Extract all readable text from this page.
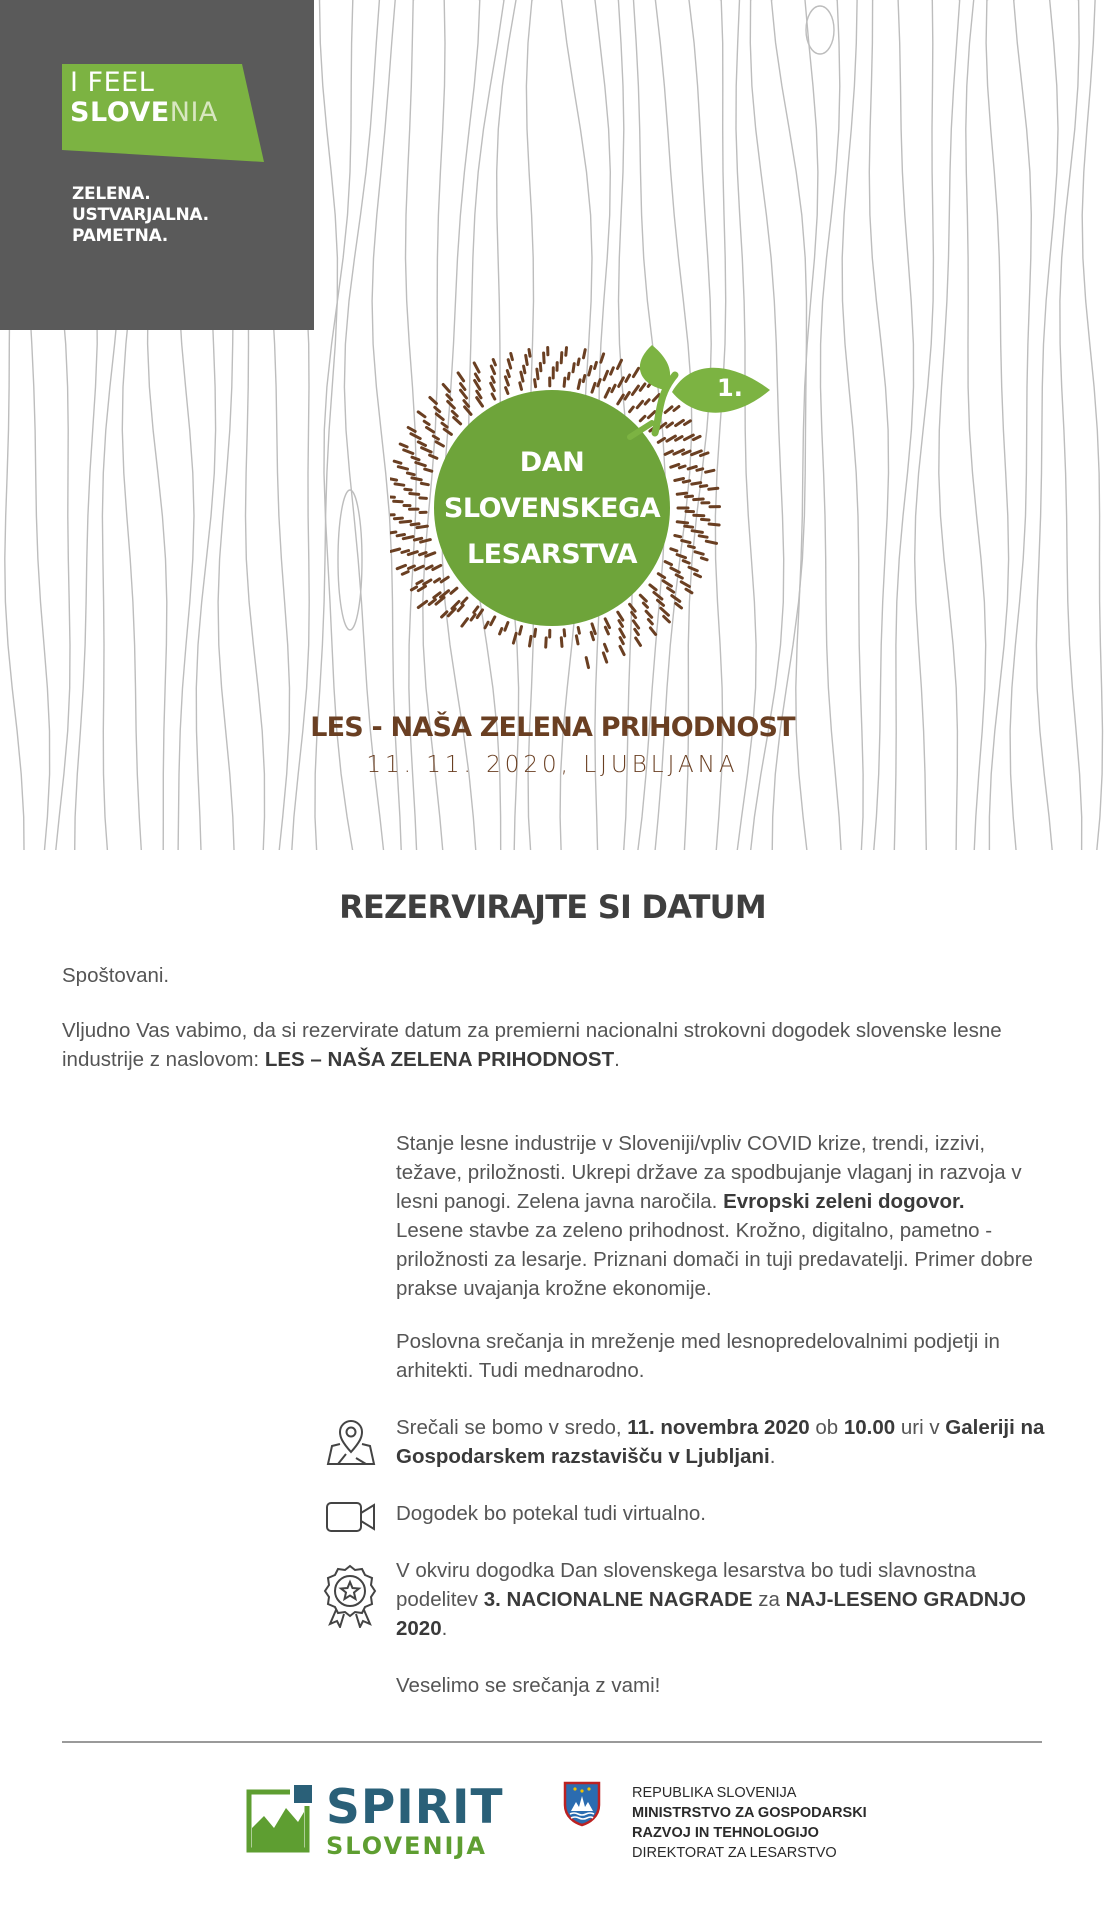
I FEEL
SLOVENIA
ZELENA.
USTVARJALNA.
PAMETNA.
1.
DAN
SLOVENSKEGA
LESARSTVA
LES - NAŠA ZELENA PRIHODNOST
11. 11. 2020, LJUBLJANA
REZERVIRAJTE SI DATUM
Spoštovani.
Vljudno Vas vabimo, da si rezervirate datum za premierni nacionalni strokovni dogodek slovenske lesne industrije z naslovom: LES – NAŠA ZELENA PRIHODNOST.
Stanje lesne industrije v Sloveniji/vpliv COVID krize, trendi, izzivi, težave, priložnosti. Ukrepi države za spodbujanje vlaganj in razvoja v lesni panogi. Zelena javna naročila. Evropski zeleni dogovor. Lesene stavbe za zeleno prihodnost. Krožno, digitalno, pametno - priložnosti za lesarje. Priznani domači in tuji predavatelji. Primer dobre prakse uvajanja krožne ekonomije.
Poslovna srečanja in mreženje med lesnopredelovalnimi podjetji in arhitekti. Tudi mednarodno.
Srečali se bomo v sredo, 11. novembra 2020 ob 10.00 uri v Galeriji na Gospodarskem razstavišču v Ljubljani.
Dogodek bo potekal tudi virtualno.
V okviru dogodka Dan slovenskega lesarstva bo tudi slavnostna podelitev 3. NACIONALNE NAGRADE za NAJ-LESENO GRADNJO 2020.
Veselimo se srečanja z vami!
SPIRIT
SLOVENIJA
REPUBLIKA SLOVENIJA
MINISTRSTVO ZA GOSPODARSKI
RAZVOJ IN TEHNOLOGIJO
DIREKTORAT ZA LESARSTVO
